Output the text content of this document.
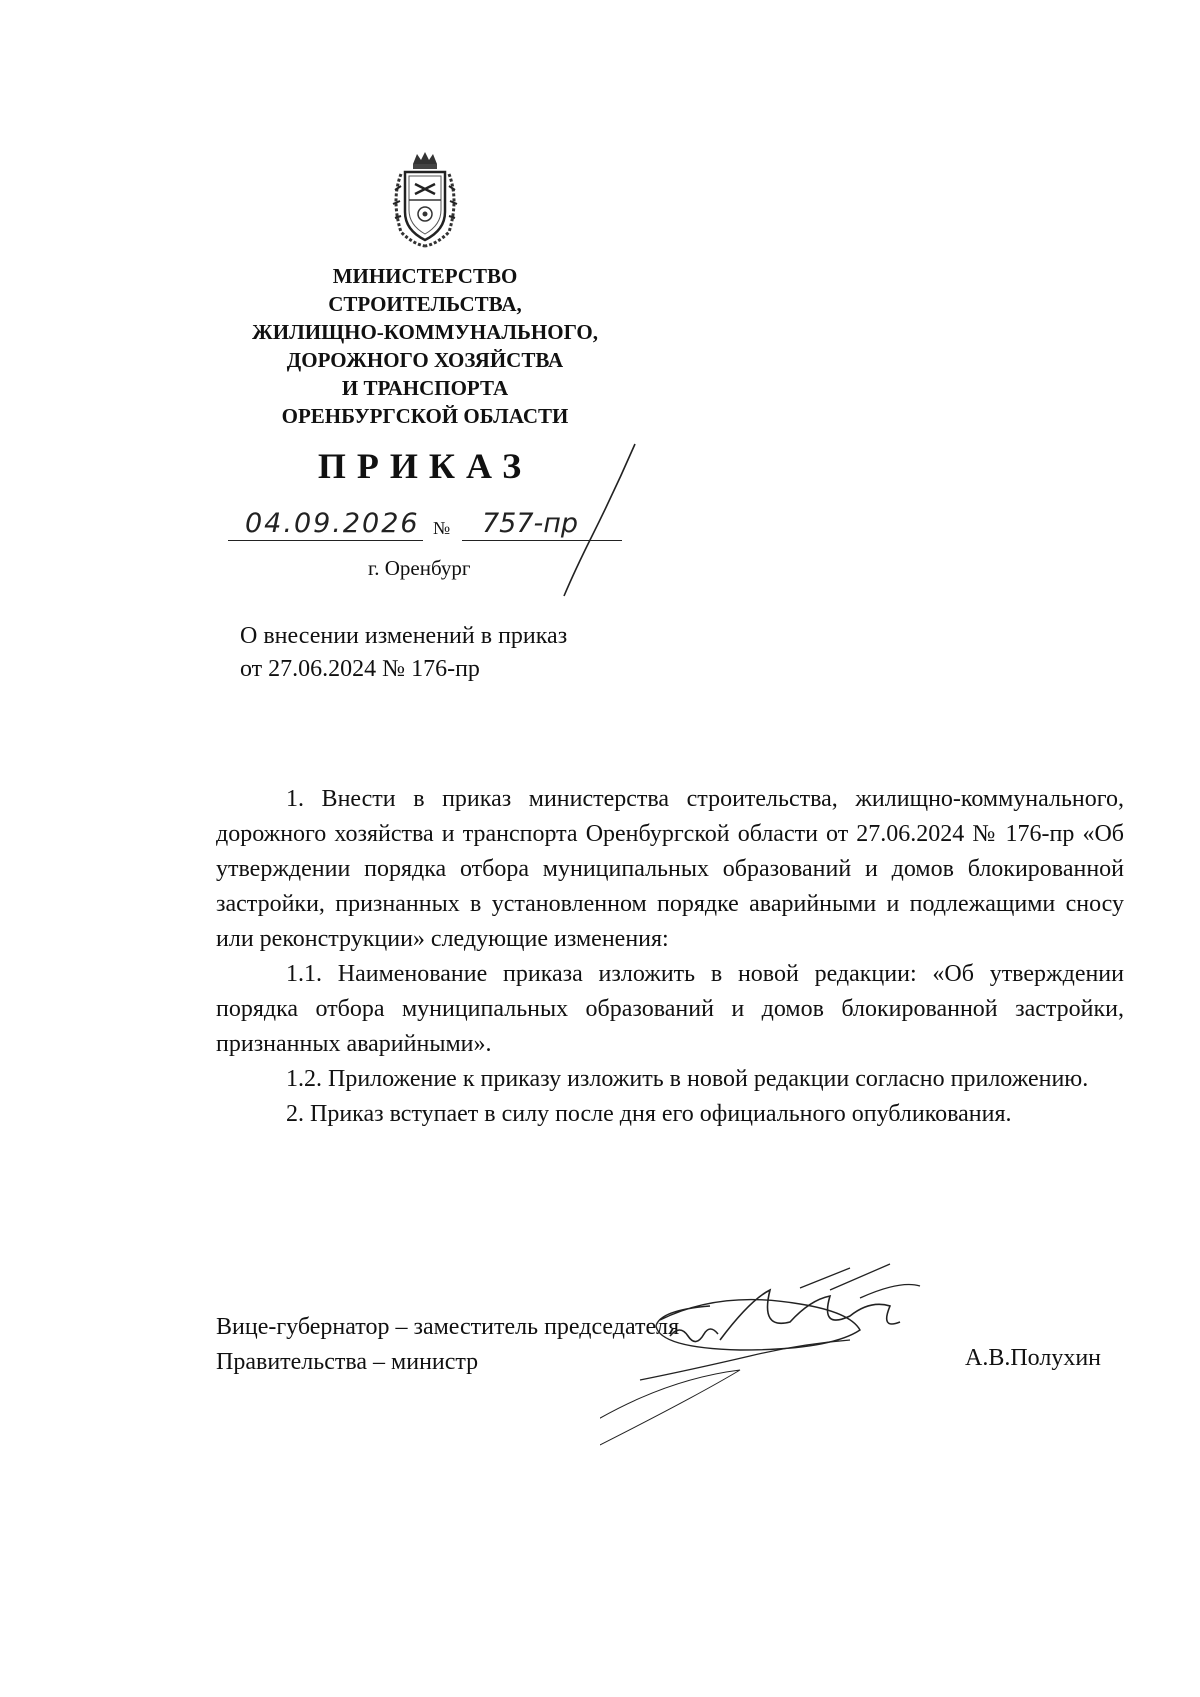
МИНИСТЕРСТВО
СТРОИТЕЛЬСТВА,
ЖИЛИЩНО-КОММУНАЛЬНОГО,
ДОРОЖНОГО ХОЗЯЙСТВА
И ТРАНСПОРТА
ОРЕНБУРГСКОЙ ОБЛАСТИ
ПРИКАЗ
04.09.2026 № 757-пр
г. Оренбург
О внесении изменений в приказ
от 27.06.2024 № 176-пр

1. Внести в приказ министерства строительства, жилищно-коммунального, дорожного хозяйства и транспорта Оренбургской области от 27.06.2024 № 176-пр «Об утверждении порядка отбора муниципальных образований и домов блокированной застройки, признанных в установленном порядке аварийными и подлежащими сносу или реконструкции» следующие изменения:

1.1. Наименование приказа изложить в новой редакции: «Об утверждении порядка отбора муниципальных образований и домов блокированной застройки, признанных аварийными».

1.2. Приложение к приказу изложить в новой редакции согласно приложению.

2. Приказ вступает в силу после дня его официального опубликования.

Вице-губернатор – заместитель председателя
Правительства – министр	А.В.Полухин
